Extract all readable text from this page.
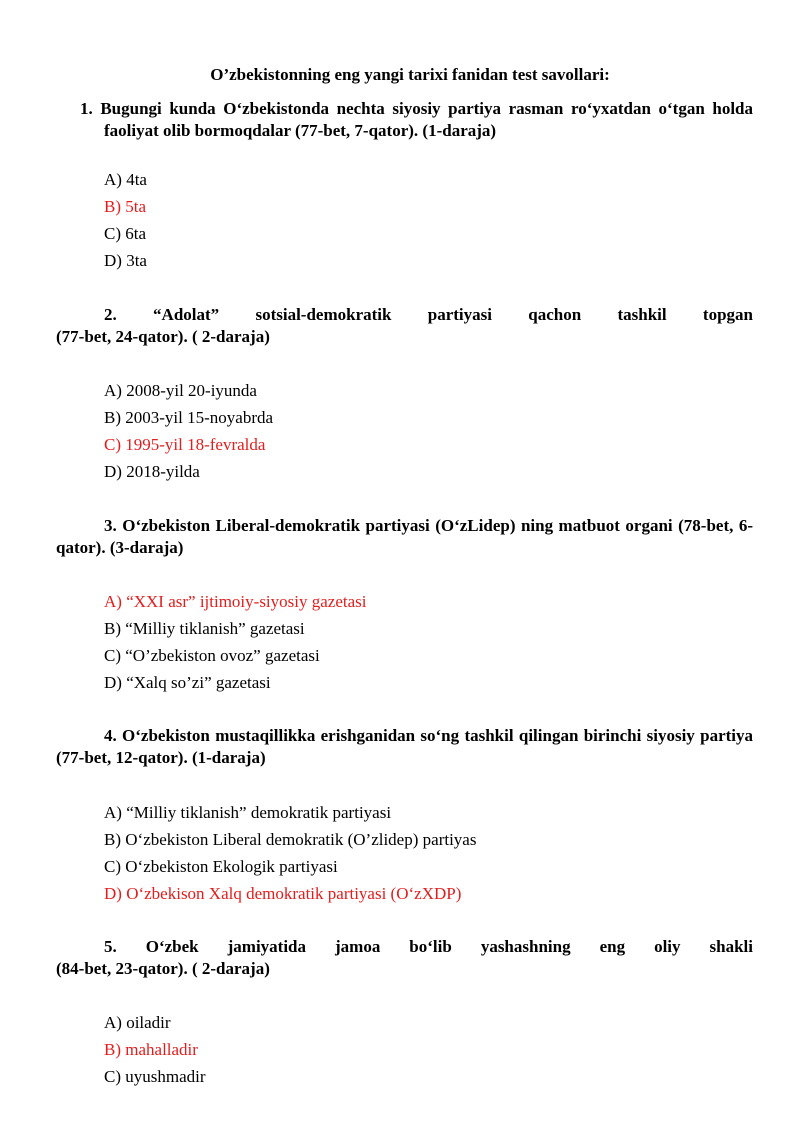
O’zbekistonning eng yangi tarixi fanidan test savollari:
1. Bugungi kunda O‘zbekistonda nechta siyosiy partiya rasman ro‘yxatdan o‘tgan holda faoliyat olib bormoqdalar (77-bet, 7-qator). (1-daraja)
A) 4ta
B) 5ta
C) 6ta
D) 3ta
2. “Adolat” sotsial-demokratik partiyasi qachon tashkil topgan
(77-bet, 24-qator). ( 2-daraja)
A) 2008-yil 20-iyunda
B) 2003-yil 15-noyabrda
C) 1995-yil 18-fevralda
D) 2018-yilda
3. O‘zbekiston Liberal-demokratik partiyasi (O‘zLidep) ning matbuot organi (78-bet, 6-qator). (3-daraja)
A) “XXI asr” ijtimoiy-siyosiy gazetasi
B) “Milliy tiklanish” gazetasi
C) “O’zbekiston ovoz” gazetasi
D) “Xalq so’zi” gazetasi
4. O‘zbekiston mustaqillikka erishganidan so‘ng tashkil qilingan birinchi siyosiy partiya (77-bet, 12-qator). (1-daraja)
A) “Milliy tiklanish” demokratik partiyasi
B) O‘zbekiston Liberal demokratik (O’zlidep) partiyas
C) O‘zbekiston Ekologik partiyasi
D) O‘zbekison Xalq demokratik partiyasi (O‘zXDP)
5. O‘zbek jamiyatida jamoa bo‘lib yashashning eng oliy shakli
(84-bet, 23-qator). ( 2-daraja)
A) oiladir
B) mahalladir
C) uyushmadir
